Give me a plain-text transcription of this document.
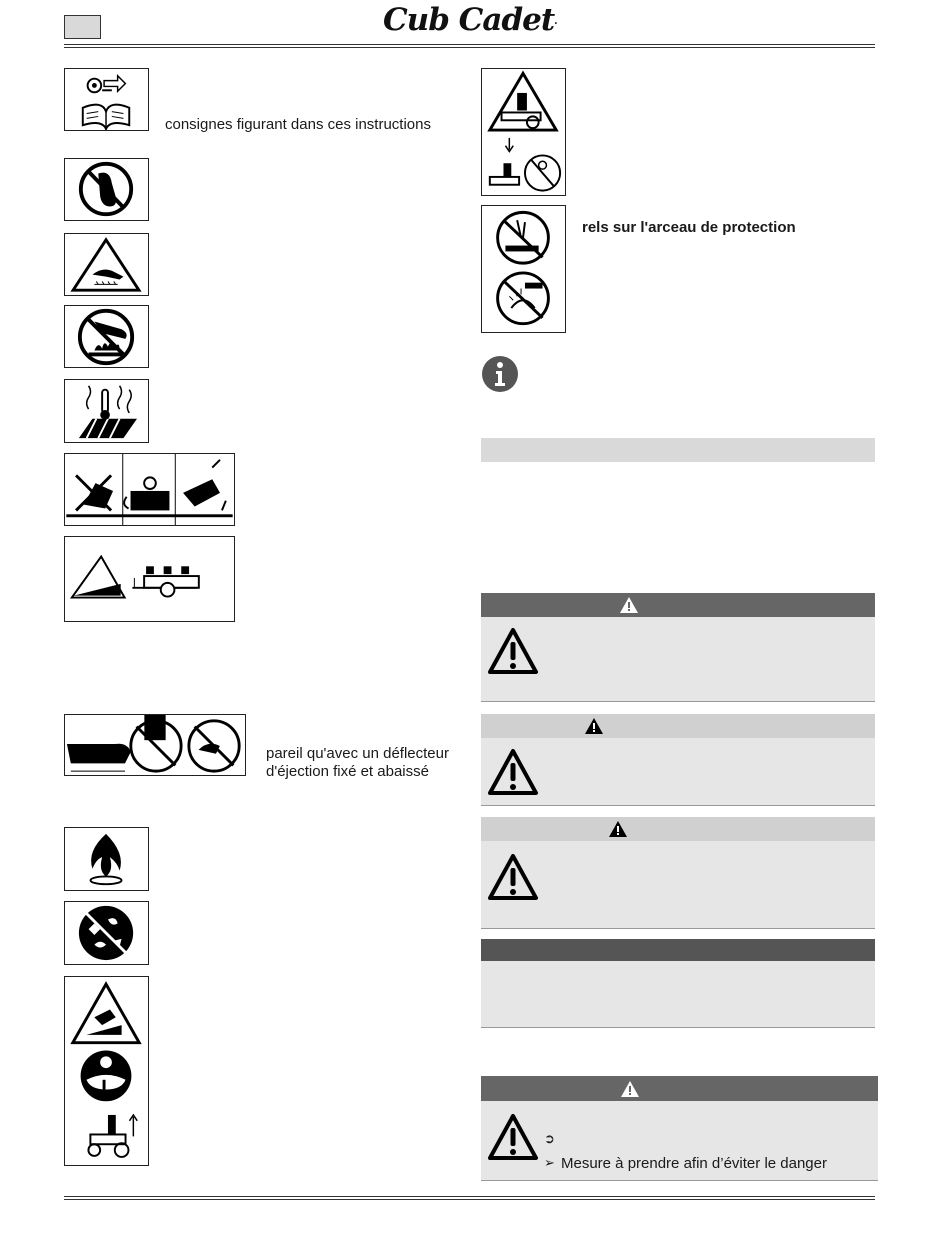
Cub Cadet.
consignes figurant dans ces instructions
pareil qu'avec un déflecteur
d'éjection fixé et abaissé
rels sur l'arceau de protection
➲
➢ Mesure à prendre afin d’éviter le danger
